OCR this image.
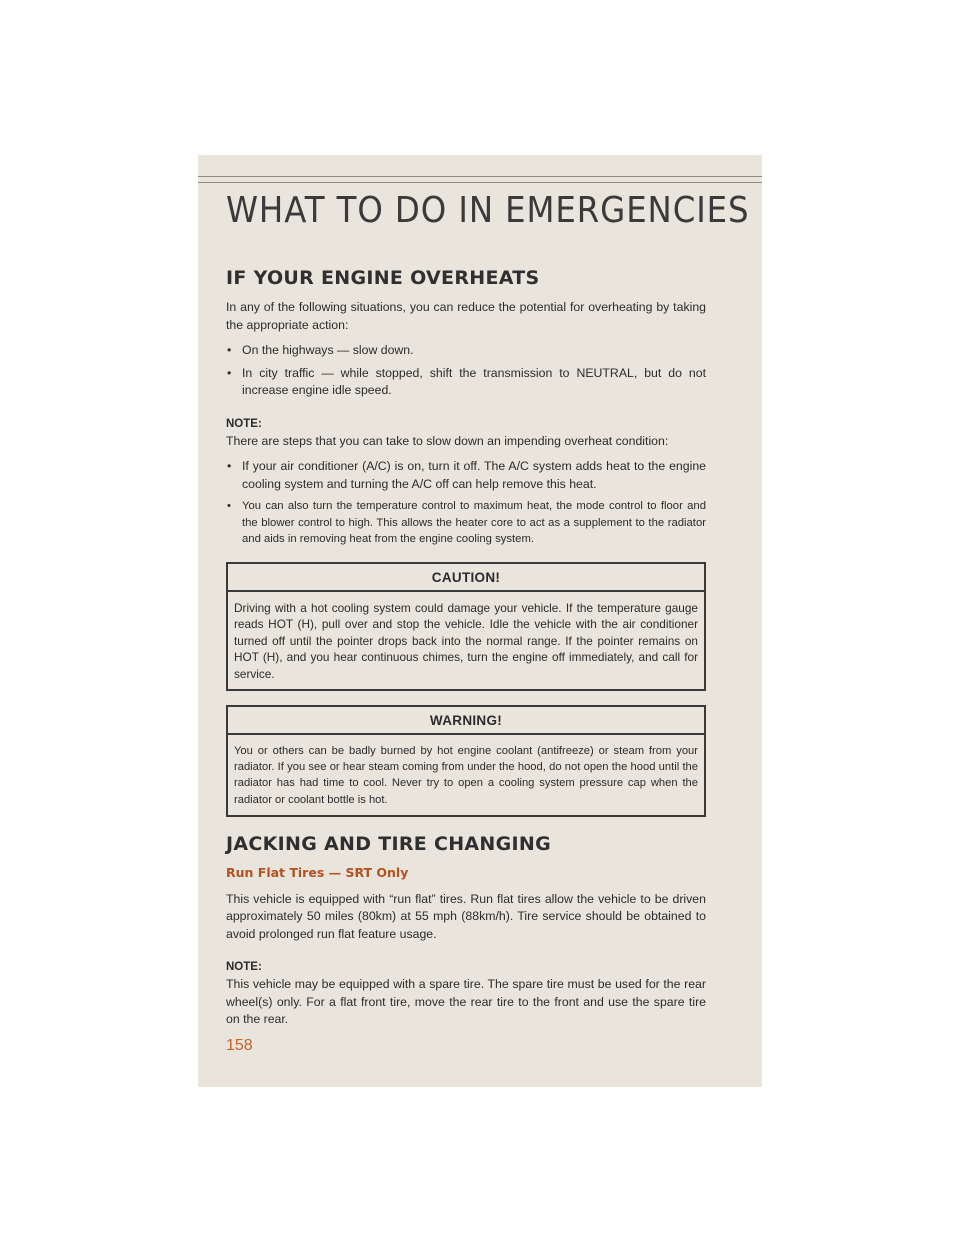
WHAT TO DO IN EMERGENCIES
IF YOUR ENGINE OVERHEATS

In any of the following situations, you can reduce the potential for overheating by taking the appropriate action:

• On the highways — slow down.
• In city traffic — while stopped, shift the transmission to NEUTRAL, but do not increase engine idle speed.

NOTE:

There are steps that you can take to slow down an impending overheat condition:

• If your air conditioner (A/C) is on, turn it off. The A/C system adds heat to the engine cooling system and turning the A/C off can help remove this heat.
• You can also turn the temperature control to maximum heat, the mode control to floor and the blower control to high. This allows the heater core to act as a supplement to the radiator and aids in removing heat from the engine cooling system.
CAUTION!
Driving with a hot cooling system could damage your vehicle. If the temperature gauge reads HOT (H), pull over and stop the vehicle. Idle the vehicle with the air conditioner turned off until the pointer drops back into the normal range. If the pointer remains on HOT (H), and you hear continuous chimes, turn the engine off immediately, and call for service.
WARNING!
You or others can be badly burned by hot engine coolant (antifreeze) or steam from your radiator. If you see or hear steam coming from under the hood, do not open the hood until the radiator has had time to cool. Never try to open a cooling system pressure cap when the radiator or coolant bottle is hot.
JACKING AND TIRE CHANGING
Run Flat Tires — SRT Only

This vehicle is equipped with “run flat” tires. Run flat tires allow the vehicle to be driven approximately 50 miles (80km) at 55 mph (88km/h). Tire service should be obtained to avoid prolonged run flat feature usage.

NOTE:

This vehicle may be equipped with a spare tire. The spare tire must be used for the rear wheel(s) only. For a flat front tire, move the rear tire to the front and use the spare tire on the rear.

158
